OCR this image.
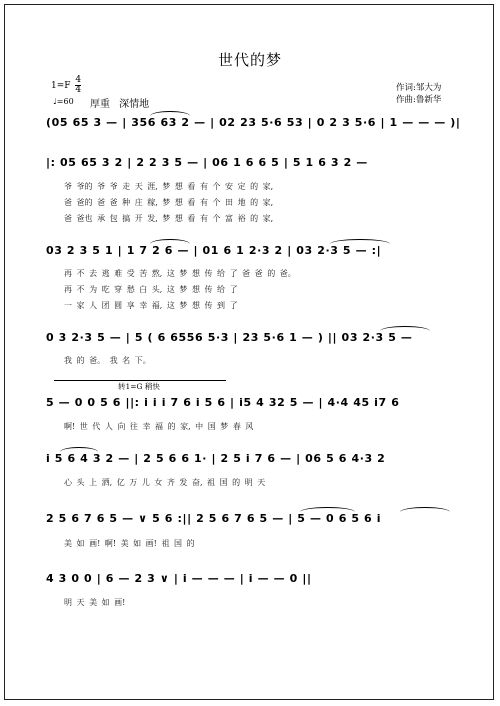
世代的梦
$1=F \frac{4}{4}$
♩=60 厚重 深情地
作词:邹大为
作曲:鲁新华
(05 65 3 — | 356 63 2 — | 02 23 5·6 53 | 0 2 3 5·6 | 1 — — — )|
|: 05 65 3 2 | 2 2 3 5 — | 06 1 6 6 5 | 5 1 6 3 2 —
爷 爷的 爷 爷 走 天 涯, 梦 想 看 有 个 安 定 的 家,
爸 爸的 爸 爸 种 庄 稼, 梦 想 看 有 个 田 地 的 家,
爸 爸也 承 包 搞 开 发, 梦 想 看 有 个 富 裕 的 家,
03 2 3 5 1 | 1 7 2 6 — | 01 6 1 2·3 2 | 03 2·3 5 — :|
再 不 去 逃 难 受 苦 熬, 这 梦 想 传 给 了 爸 爸 的 爸。
再 不 为 吃 穿 愁 白 头, 这 梦 想 传 给 了
一 家 人 团 圆 享 幸 福, 这 梦 想 传 到 了
0 3 2·3 5 — | 5 ( 6 6556 5·3 | 23 5·6 1 — ) || 03 2·3 5 —
我 的 爸。 我 名 下。
转1=G 稍快
5 — 0 0 5 6 ||: i i i 7 6 i 5 6 | i5 4 32 5 — | 4·4 45 i7 6
啊! 世 代 人 向 往 幸 福 的 家, 中 国 梦 春 风
i 5 6 4 3 2 — | 2 5 6 6 1· | 2 5 i 7 6 — | 06 5 6 4·3 2
心 头 上 洒, 亿 万 儿 女 齐 发 奋, 祖 国 的 明 天
2 5 6 7 6 5 — ∨ 5 6 :|| 2 5 6 7 6 5 — | 5 — 0 6 5 6 i
美 如 画! 啊! 美 如 画! 祖 国 的
4 3 0 0 | 6 — 2 3 ∨ | i — — — | i — — 0 ||
明 天 美 如 画!
